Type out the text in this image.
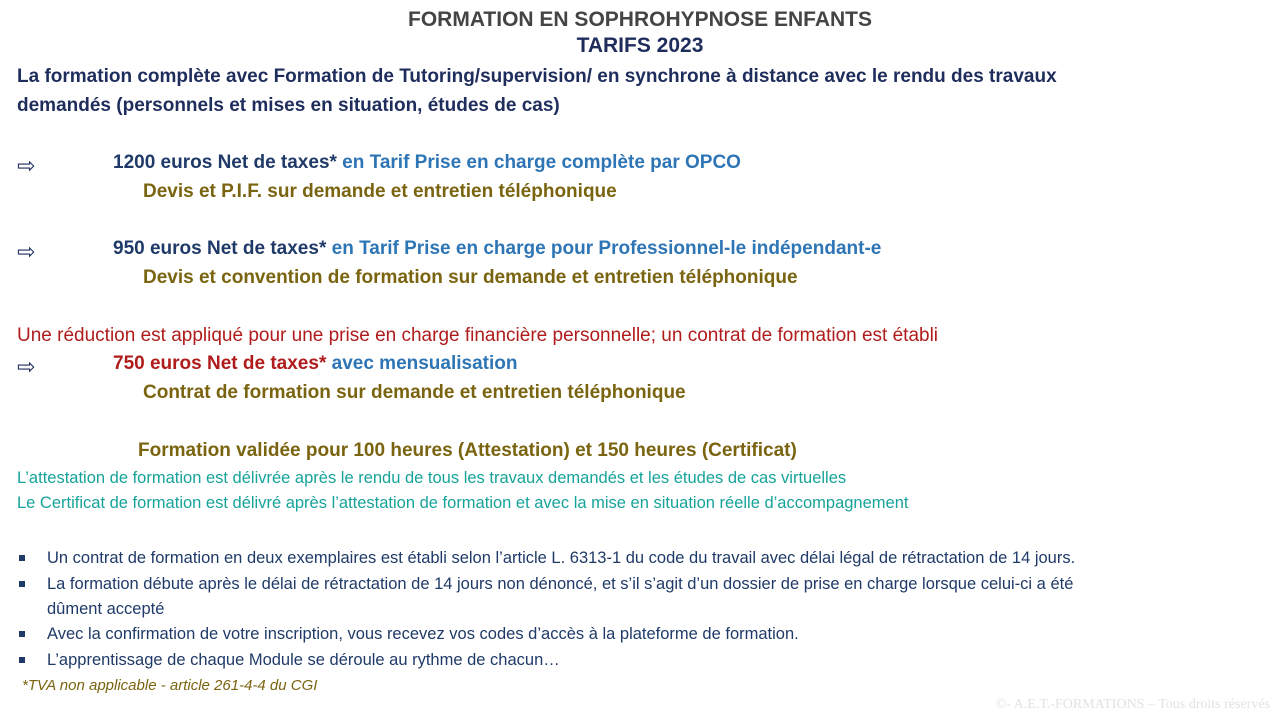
FORMATION EN SOPHROHYPNOSE ENFANTS
TARIFS 2023
La formation complète avec Formation de Tutoring/supervision/ en synchrone à distance avec le rendu des travaux
demandés (personnels et mises en situation, études de cas)
⇨	1200 euros Net de taxes* en Tarif Prise en charge complète par OPCO
Devis et P.I.F. sur demande et entretien téléphonique
⇨	950 euros Net de taxes* en Tarif Prise en charge pour Professionnel-le indépendant-e
Devis et convention de formation sur demande et entretien téléphonique
Une réduction est appliqué pour une prise en charge financière personnelle; un contrat de formation est établi
⇨	750 euros Net de taxes* avec mensualisation
Contrat de formation sur demande et entretien téléphonique
Formation validée pour 100 heures (Attestation) et 150 heures (Certificat)
L’attestation de formation est délivrée après le rendu de tous les travaux demandés et les études de cas virtuelles
Le Certificat de formation est délivré après l’attestation de formation et avec la mise en situation réelle d’accompagnement
Un contrat de formation en deux exemplaires est établi selon l’article L. 6313-1 du code du travail avec délai légal de rétractation de 14 jours.
La formation débute après le délai de rétractation de 14 jours non dénoncé, et s’il s’agit d’un dossier de prise en charge lorsque celui-ci a été
dûment accepté
Avec la confirmation de votre inscription, vous recevez vos codes d’accès à la plateforme de formation.
L’apprentissage de chaque Module se déroule au rythme de chacun…
*TVA non applicable - article 261-4-4 du CGI
©- A.E.T.-FORMATIONS – Tous droits réservés
